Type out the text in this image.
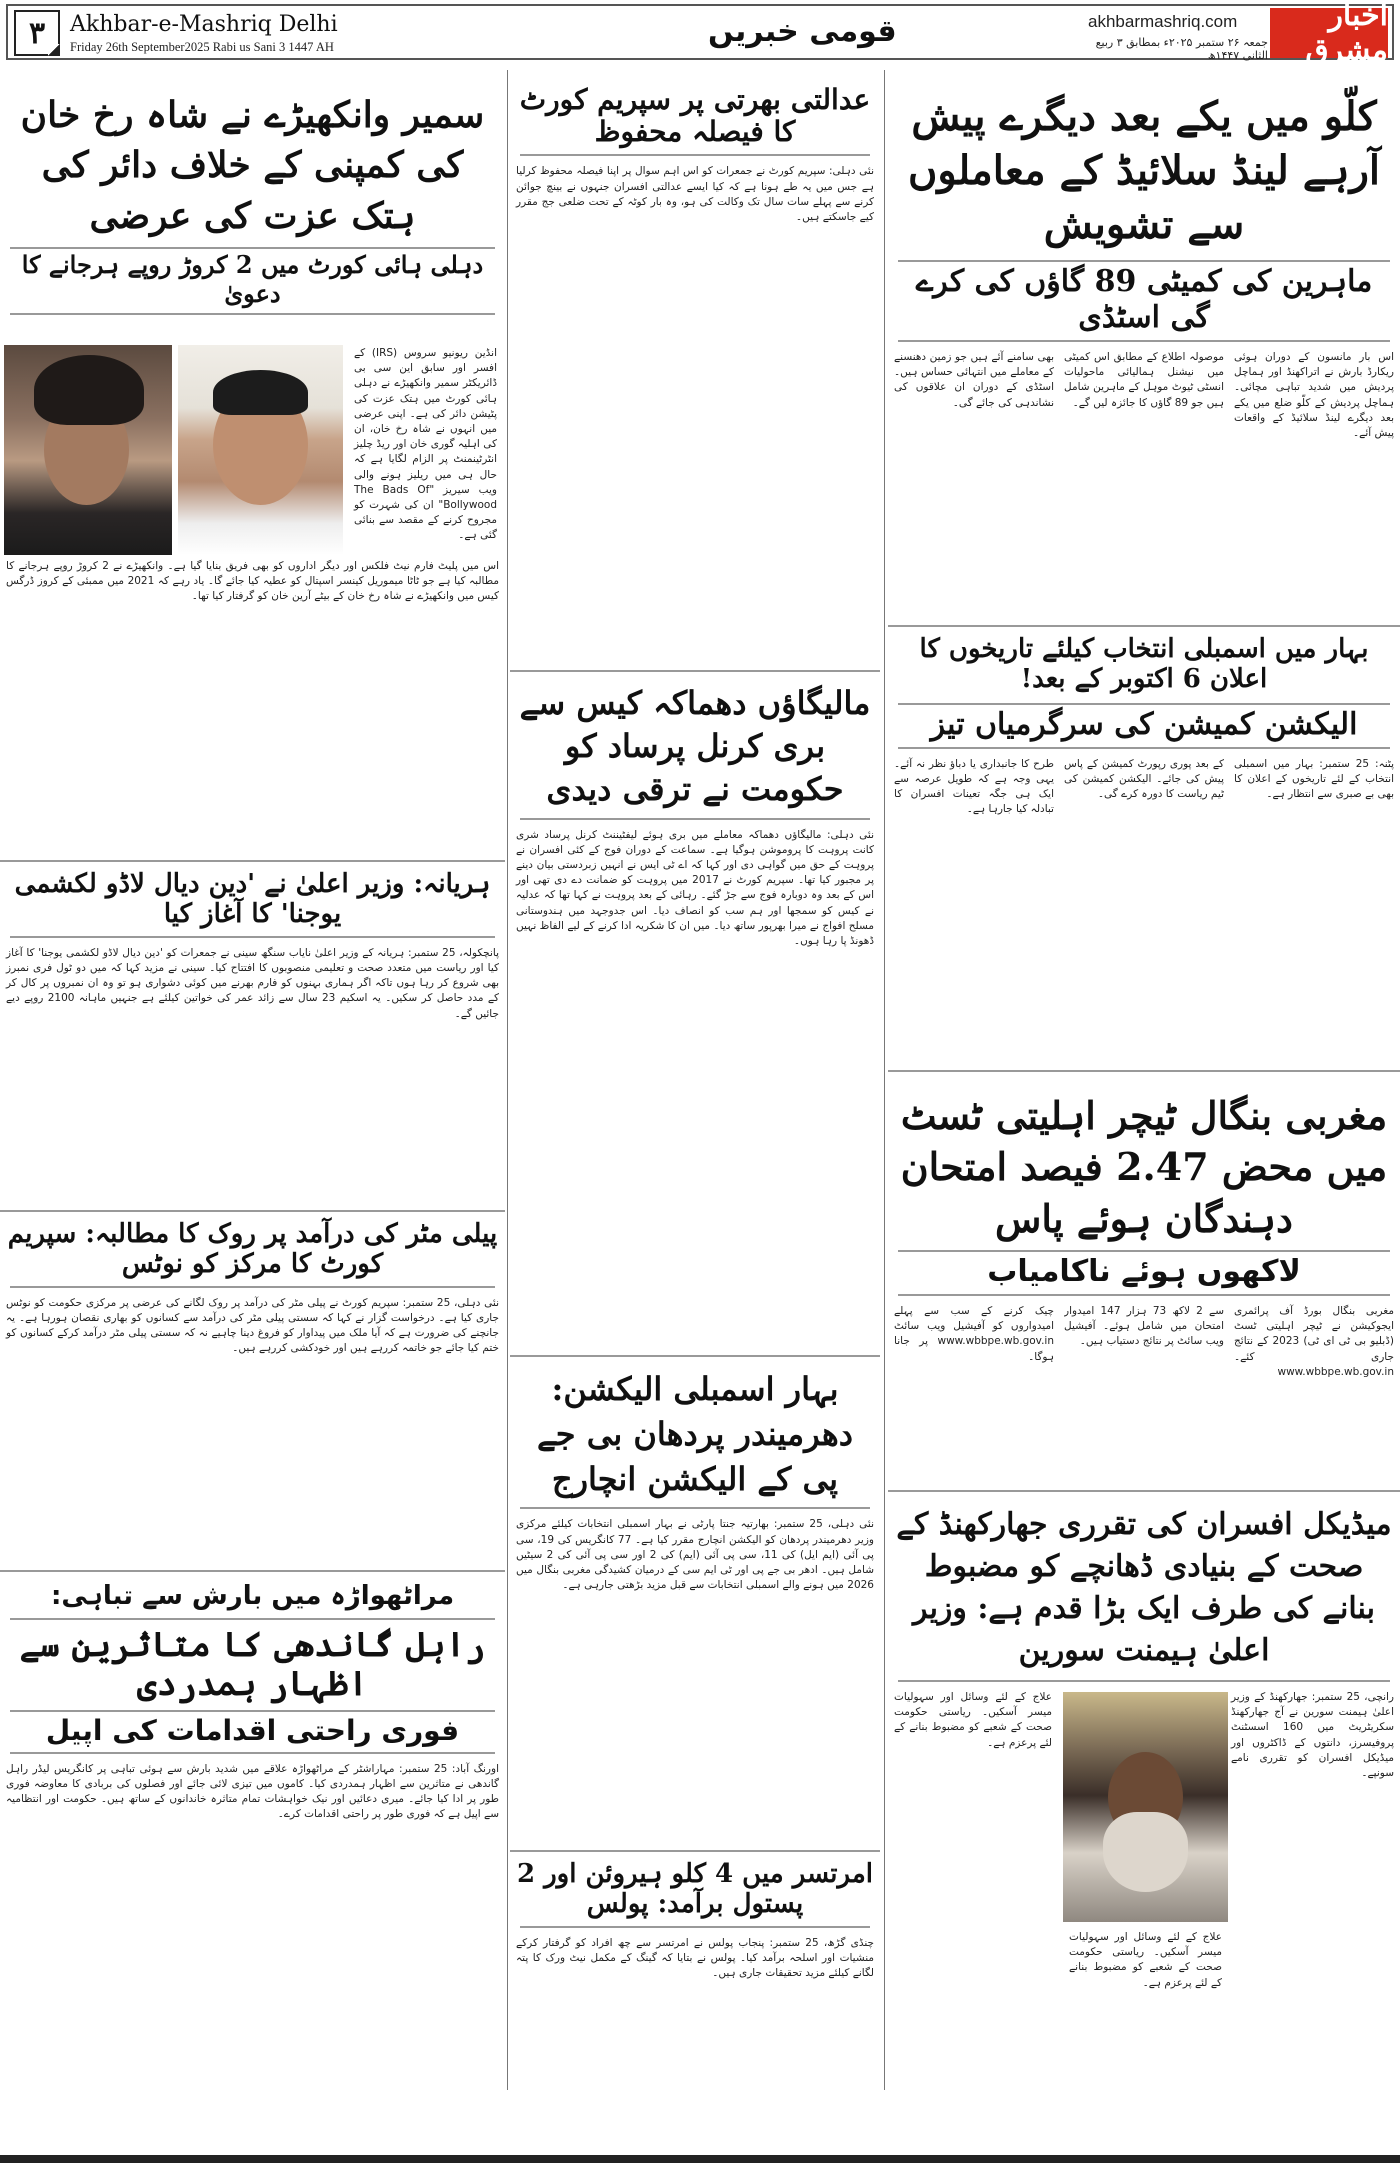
۳	Akhbar-e-Mashriq Delhi
Friday 26th September2025 Rabi us Sani 3 1447 AH	قومی خبریں	akhbarmashriq.com
جمعہ ۲۶ ستمبر ۲۰۲۵ء بمطابق ۳ ربیع الثانی ۱۴۴۷ھ
اخبار مشرق
کلّو میں یکے بعد دیگرے پیش آرہے لینڈ سلائیڈ کے معاملوں سے تشویش
ماہرین کی کمیٹی 89 گاؤں کی کرے گی اسٹڈی
اس بار مانسون کے دوران ہوئی ریکارڈ بارش نے اتراکھنڈ اور ہماچل پردیش میں شدید تباہی مچائی۔ ہماچل پردیش کے کلّو ضلع میں یکے بعد دیگرے لینڈ سلائیڈ کے واقعات پیش آئے۔
موصولہ اطلاع کے مطابق اس کمیٹی میں نیشنل ہمالیائی ماحولیات انسٹی ٹیوٹ موہل کے ماہرین شامل ہیں جو 89 گاؤں کا جائزہ لیں گے۔
بھی سامنے آئے ہیں جو زمین دھنسنے کے معاملے میں انتہائی حساس ہیں۔ اسٹڈی کے دوران ان علاقوں کی نشاندہی کی جائے گی۔
بہار میں اسمبلی انتخاب کیلئے تاریخوں کا اعلان 6 اکتوبر کے بعد!
الیکشن کمیشن کی سرگرمیاں تیز
پٹنہ: 25 ستمبر: بہار میں اسمبلی انتخاب کے لئے تاریخوں کے اعلان کا بھی بے صبری سے انتظار ہے۔
کے بعد پوری رپورٹ کمیشن کے پاس پیش کی جائے۔ الیکشن کمیشن کی ٹیم ریاست کا دورہ کرے گی۔
طرح کا جانبداری یا دباؤ نظر نہ آئے۔ یہی وجہ ہے کہ طویل عرصہ سے ایک ہی جگہ تعینات افسران کا تبادلہ کیا جارہا ہے۔
مغربی بنگال ٹیچر اہلیتی ٹسٹ میں محض 2.47 فیصد امتحان دہندگان ہوئے پاس
لاکھوں ہوئے ناکامیاب
مغربی بنگال بورڈ آف پرائمری ایجوکیشن نے ٹیچر اہلیتی ٹسٹ (ڈبلیو بی ٹی ای ٹی) 2023 کے نتائج جاری کئے۔ www.wbbpe.wb.gov.in
سے 2 لاکھ 73 ہزار 147 امیدوار امتحان میں شامل ہوئے۔ آفیشیل ویب سائٹ پر نتائج دستیاب ہیں۔
چیک کرنے کے سب سے پہلے امیدواروں کو آفیشیل ویب سائٹ www.wbbpe.wb.gov.in پر جانا ہوگا۔
میڈیکل افسران کی تقرری جھارکھنڈ کے صحت کے بنیادی ڈھانچے کو مضبوط بنانے کی طرف ایک بڑا قدم ہے: وزیر اعلیٰ ہیمنت سورین
رانچی، 25 ستمبر: جھارکھنڈ کے وزیر اعلیٰ ہیمنت سورین نے آج جھارکھنڈ سکریٹریٹ میں 160 اسسٹنٹ پروفیسرز، دانتوں کے ڈاکٹروں اور میڈیکل افسران کو تقرری نامے سونپے۔
علاج کے لئے وسائل اور سہولیات میسر آسکیں۔ ریاستی حکومت صحت کے شعبے کو مضبوط بنانے کے لئے پرعزم ہے۔
علاج کے لئے وسائل اور سہولیات میسر آسکیں۔ ریاستی حکومت صحت کے شعبے کو مضبوط بنانے کے لئے پرعزم ہے۔
عدالتی بھرتی پر سپریم کورٹ کا فیصلہ محفوظ
نئی دہلی: سپریم کورٹ نے جمعرات کو اس اہم سوال پر اپنا فیصلہ محفوظ کرلیا ہے جس میں یہ طے ہونا ہے کہ کیا ایسے عدالتی افسران جنہوں نے بینچ جوائن کرنے سے پہلے سات سال تک وکالت کی ہو، وہ بار کوٹہ کے تحت ضلعی جج مقرر کیے جاسکتے ہیں۔
مالیگاؤں دھماکہ کیس سے بری کرنل پرساد کو حکومت نے ترقی دیدی
نئی دہلی: مالیگاؤں دھماکہ معاملے میں بری ہوئے لیفٹیننٹ کرنل پرساد شری کانت پروہت کا پروموشن ہوگیا ہے۔ سماعت کے دوران فوج کے کئی افسران نے پروہت کے حق میں گواہی دی اور کہا کہ اے ٹی ایس نے انہیں زبردستی بیان دینے پر مجبور کیا تھا۔ سپریم کورٹ نے 2017 میں پروہت کو ضمانت دے دی تھی اور اس کے بعد وہ دوبارہ فوج سے جڑ گئے۔ رہائی کے بعد پروہت نے کہا تھا کہ عدلیہ نے کیس کو سمجھا اور ہم سب کو انصاف دیا۔ اس جدوجہد میں ہندوستانی مسلح افواج نے میرا بھرپور ساتھ دیا۔ میں ان کا شکریہ ادا کرنے کے لیے الفاظ نہیں ڈھونڈ پا رہا ہوں۔
بہار اسمبلی الیکشن: دھرمیندر پردھان بی جے پی کے الیکشن انچارج
نئی دہلی، 25 ستمبر: بھارتیہ جنتا پارٹی نے بہار اسمبلی انتخابات کیلئے مرکزی وزیر دھرمیندر پردھان کو الیکشن انچارج مقرر کیا ہے۔ 77 کانگریس کی 19، سی پی آئی (ایم ایل) کی 11، سی پی آئی (ایم) کی 2 اور سی پی آئی کی 2 سیٹیں شامل ہیں۔ ادھر بی جے پی اور ٹی ایم سی کے درمیان کشیدگی مغربی بنگال میں 2026 میں ہونے والے اسمبلی انتخابات سے قبل مزید بڑھتی جارہی ہے۔
امرتسر میں 4 کلو ہیروئن اور 2 پستول برآمد: پولس
چنڈی گڑھ، 25 ستمبر: پنجاب پولس نے امرتسر سے چھ افراد کو گرفتار کرکے منشیات اور اسلحہ برآمد کیا۔ پولس نے بتایا کہ گینگ کے مکمل نیٹ ورک کا پتہ لگانے کیلئے مزید تحقیقات جاری ہیں۔
سمیر وانکھیڑے نے شاہ رخ خان کی کمپنی کے خلاف دائر کی ہتک عزت کی عرضی
دہلی ہائی کورٹ میں 2 کروڑ روپے ہرجانے کا دعویٰ
انڈین ریونیو سروس (IRS) کے افسر اور سابق این سی بی ڈائریکٹر سمیر وانکھیڑے نے دہلی ہائی کورٹ میں ہتک عزت کی پٹیشن دائر کی ہے۔ اپنی عرضی میں انہوں نے شاہ رخ خان، ان کی اہلیہ گوری خان اور ریڈ چلیز انٹرٹینمنٹ پر الزام لگایا ہے کہ حال ہی میں ریلیز ہونے والی ویب سیریز "The Bads Of Bollywood" ان کی شہرت کو مجروح کرنے کے مقصد سے بنائی گئی ہے۔
اس میں پلیٹ فارم نیٹ فلکس اور دیگر اداروں کو بھی فریق بنایا گیا ہے۔ وانکھیڑے نے 2 کروڑ روپے ہرجانے کا مطالبہ کیا ہے جو ٹاٹا میموریل کینسر اسپتال کو عطیہ کیا جائے گا۔ یاد رہے کہ 2021 میں ممبئی کے کروز ڈرگس کیس میں وانکھیڑے نے شاہ رخ خان کے بیٹے آرین خان کو گرفتار کیا تھا۔
ہریانہ: وزیر اعلیٰ نے 'دین دیال لاڈو لکشمی یوجنا' کا آغاز کیا
پانچکولہ، 25 ستمبر: ہریانہ کے وزیر اعلیٰ نایاب سنگھ سینی نے جمعرات کو 'دین دیال لاڈو لکشمی یوجنا' کا آغاز کیا اور ریاست میں متعدد صحت و تعلیمی منصوبوں کا افتتاح کیا۔ سینی نے مزید کہا کہ میں دو ٹول فری نمبرز بھی شروع کر رہا ہوں تاکہ اگر ہماری بہنوں کو فارم بھرنے میں کوئی دشواری ہو تو وہ ان نمبروں پر کال کر کے مدد حاصل کر سکیں۔ یہ اسکیم 23 سال سے زائد عمر کی خواتین کیلئے ہے جنہیں ماہانہ 2100 روپے دیے جائیں گے۔
پیلی مٹر کی درآمد پر روک کا مطالبہ: سپریم کورٹ کا مرکز کو نوٹس
نئی دہلی، 25 ستمبر: سپریم کورٹ نے پیلی مٹر کی درآمد پر روک لگانے کی عرضی پر مرکزی حکومت کو نوٹس جاری کیا ہے۔ درخواست گزار نے کہا کہ سستی پیلی مٹر کی درآمد سے کسانوں کو بھاری نقصان ہورہا ہے۔ یہ جانچنے کی ضرورت ہے کہ آیا ملک میں پیداوار کو فروغ دینا چاہیے نہ کہ سستی پیلی مٹر درآمد کرکے کسانوں کو ختم کیا جائے جو خاتمہ کررہے ہیں اور خودکشی کررہے ہیں۔
مراٹھواڑہ میں بارش سے تباہی:
راہل گاندھی کا متاثرین سے اظہار ہمدردی
فوری راحتی اقدامات کی اپیل
اورنگ آباد: 25 ستمبر: مہاراشٹر کے مراٹھواڑہ علاقے میں شدید بارش سے ہوئی تباہی پر کانگریس لیڈر راہل گاندھی نے متاثرین سے اظہار ہمدردی کیا۔ کاموں میں تیزی لائی جائے اور فصلوں کی بربادی کا معاوضہ فوری طور پر ادا کیا جائے۔ میری دعائیں اور نیک خواہشات تمام متاثرہ خاندانوں کے ساتھ ہیں۔ حکومت اور انتظامیہ سے اپیل ہے کہ فوری طور پر راحتی اقدامات کرے۔
